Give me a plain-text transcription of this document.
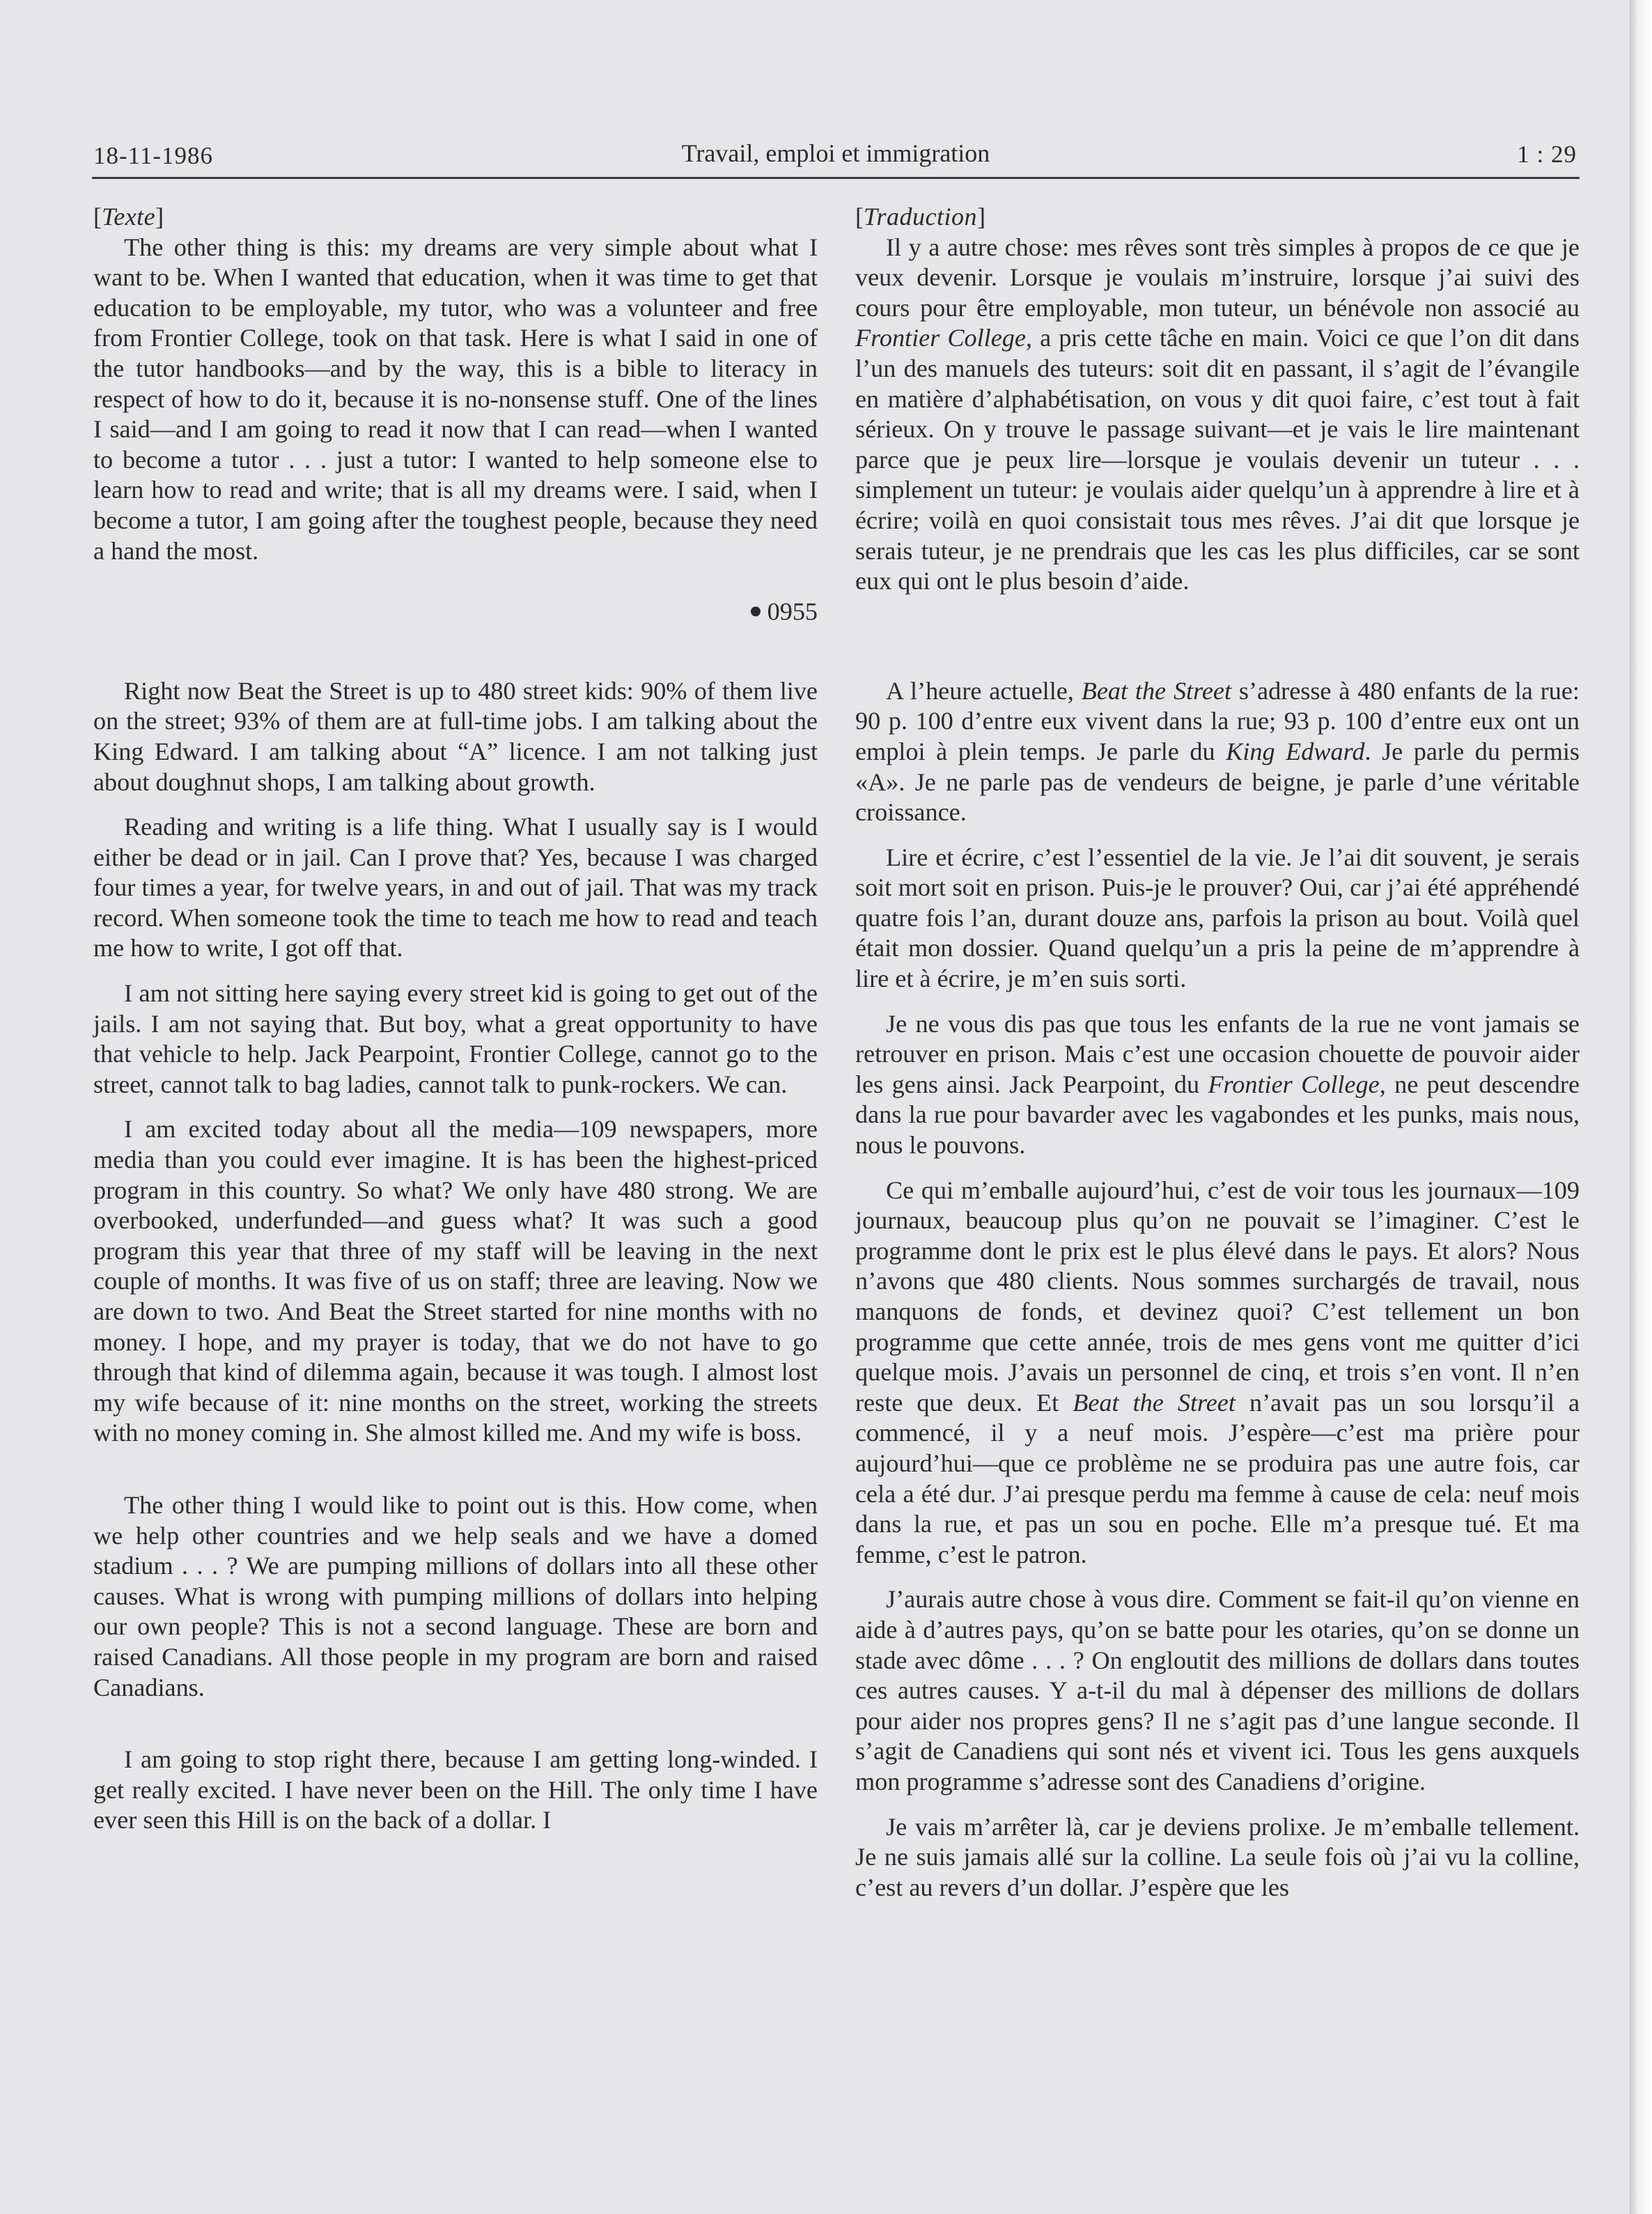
18-11-1986	Travail, emploi et immigration	1 : 29

[Texte]

The other thing is this: my dreams are very simple about what I want to be. When I wanted that education, when it was time to get that education to be employable, my tutor, who was a volunteer and free from Frontier College, took on that task. Here is what I said in one of the tutor handbooks—and by the way, this is a bible to literacy in respect of how to do it, because it is no-nonsense stuff. One of the lines I said—and I am going to read it now that I can read—when I wanted to become a tutor . . . just a tutor: I wanted to help someone else to learn how to read and write; that is all my dreams were. I said, when I become a tutor, I am going after the toughest people, because they need a hand the most.

0955

Right now Beat the Street is up to 480 street kids: 90% of them live on the street; 93% of them are at full-time jobs. I am talking about the King Edward. I am talking about “A” licence. I am not talking just about doughnut shops, I am talking about growth.

Reading and writing is a life thing. What I usually say is I would either be dead or in jail. Can I prove that? Yes, because I was charged four times a year, for twelve years, in and out of jail. That was my track record. When someone took the time to teach me how to read and teach me how to write, I got off that.

I am not sitting here saying every street kid is going to get out of the jails. I am not saying that. But boy, what a great opportunity to have that vehicle to help. Jack Pearpoint, Frontier College, cannot go to the street, cannot talk to bag ladies, cannot talk to punk-rockers. We can.

I am excited today about all the media—109 newspapers, more media than you could ever imagine. It is has been the highest-priced program in this country. So what? We only have 480 strong. We are overbooked, underfunded—and guess what? It was such a good program this year that three of my staff will be leaving in the next couple of months. It was five of us on staff; three are leaving. Now we are down to two. And Beat the Street started for nine months with no money. I hope, and my prayer is today, that we do not have to go through that kind of dilemma again, because it was tough. I almost lost my wife because of it: nine months on the street, working the streets with no money coming in. She almost killed me. And my wife is boss.

The other thing I would like to point out is this. How come, when we help other countries and we help seals and we have a domed stadium . . . ? We are pumping millions of dollars into all these other causes. What is wrong with pumping millions of dollars into helping our own people? This is not a second language. These are born and raised Canadians. All those people in my program are born and raised Canadians.

I am going to stop right there, because I am getting long-winded. I get really excited. I have never been on the Hill. The only time I have ever seen this Hill is on the back of a dollar. I

[Traduction]

Il y a autre chose: mes rêves sont très simples à propos de ce que je veux devenir. Lorsque je voulais m’instruire, lorsque j’ai suivi des cours pour être employable, mon tuteur, un bénévole non associé au Frontier College, a pris cette tâche en main. Voici ce que l’on dit dans l’un des manuels des tuteurs: soit dit en passant, il s’agit de l’évangile en matière d’alphabétisation, on vous y dit quoi faire, c’est tout à fait sérieux. On y trouve le passage suivant—et je vais le lire maintenant parce que je peux lire—lorsque je voulais devenir un tuteur . . . simplement un tuteur: je voulais aider quelqu’un à apprendre à lire et à écrire; voilà en quoi consistait tous mes rêves. J’ai dit que lorsque je serais tuteur, je ne prendrais que les cas les plus difficiles, car se sont eux qui ont le plus besoin d’aide.

A l’heure actuelle, Beat the Street s’adresse à 480 enfants de la rue: 90 p. 100 d’entre eux vivent dans la rue; 93 p. 100 d’entre eux ont un emploi à plein temps. Je parle du King Edward. Je parle du permis «A». Je ne parle pas de vendeurs de beigne, je parle d’une véritable croissance.

Lire et écrire, c’est l’essentiel de la vie. Je l’ai dit souvent, je serais soit mort soit en prison. Puis-je le prouver? Oui, car j’ai été appréhendé quatre fois l’an, durant douze ans, parfois la prison au bout. Voilà quel était mon dossier. Quand quelqu’un a pris la peine de m’apprendre à lire et à écrire, je m’en suis sorti.

Je ne vous dis pas que tous les enfants de la rue ne vont jamais se retrouver en prison. Mais c’est une occasion chouette de pouvoir aider les gens ainsi. Jack Pearpoint, du Frontier College, ne peut descendre dans la rue pour bavarder avec les vagabondes et les punks, mais nous, nous le pouvons.

Ce qui m’emballe aujourd’hui, c’est de voir tous les journaux—109 journaux, beaucoup plus qu’on ne pouvait se l’imaginer. C’est le programme dont le prix est le plus élevé dans le pays. Et alors? Nous n’avons que 480 clients. Nous sommes surchargés de travail, nous manquons de fonds, et devinez quoi? C’est tellement un bon programme que cette année, trois de mes gens vont me quitter d’ici quelque mois. J’avais un personnel de cinq, et trois s’en vont. Il n’en reste que deux. Et Beat the Street n’avait pas un sou lorsqu’il a commencé, il y a neuf mois. J’espère—c’est ma prière pour aujourd’hui—que ce problème ne se produira pas une autre fois, car cela a été dur. J’ai presque perdu ma femme à cause de cela: neuf mois dans la rue, et pas un sou en poche. Elle m’a presque tué. Et ma femme, c’est le patron.

J’aurais autre chose à vous dire. Comment se fait-il qu’on vienne en aide à d’autres pays, qu’on se batte pour les otaries, qu’on se donne un stade avec dôme . . . ? On engloutit des millions de dollars dans toutes ces autres causes. Y a-t-il du mal à dépenser des millions de dollars pour aider nos propres gens? Il ne s’agit pas d’une langue seconde. Il s’agit de Canadiens qui sont nés et vivent ici. Tous les gens auxquels mon programme s’adresse sont des Canadiens d’origine.

Je vais m’arrêter là, car je deviens prolixe. Je m’emballe tellement. Je ne suis jamais allé sur la colline. La seule fois où j’ai vu la colline, c’est au revers d’un dollar. J’espère que les
